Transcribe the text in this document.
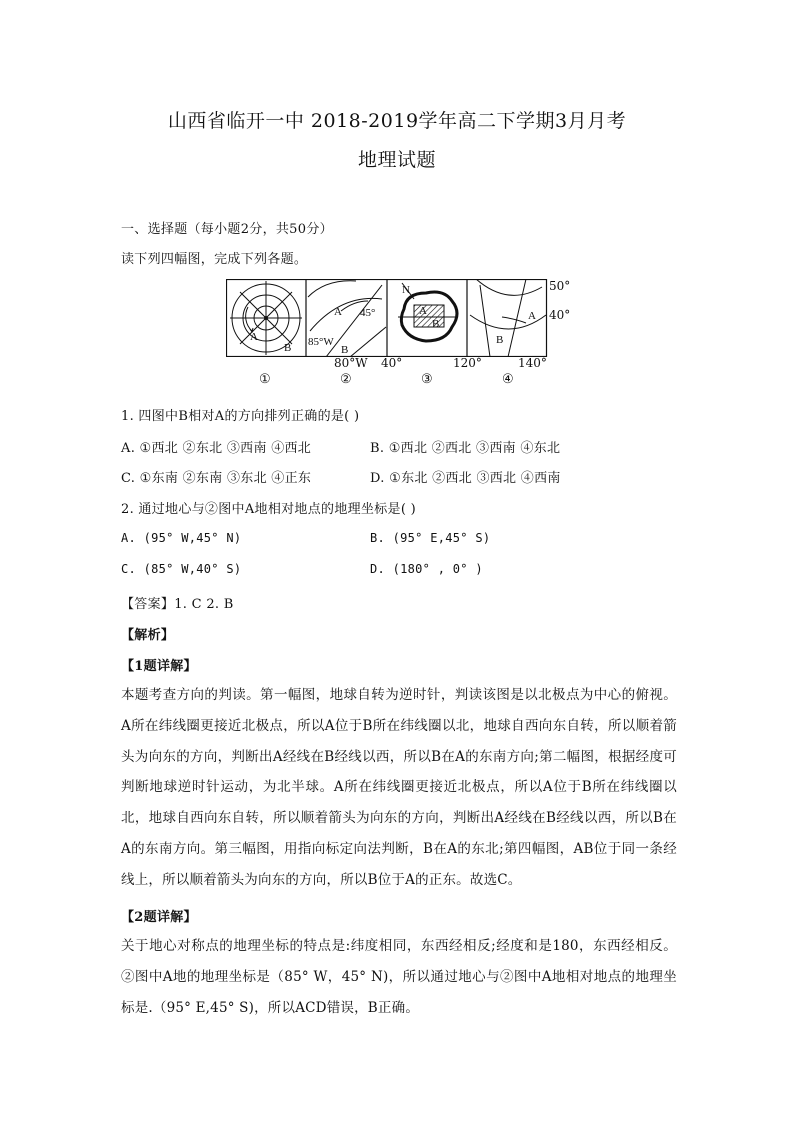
山西省临开一中 2018-2019学年高二下学期3月月考
地理试题
一、选择题（每小题2分，共50分）
读下列四幅图，完成下列各题。
A
B
A 45°
85°W
B
N
A
B
A
B
50°
40°
80°W 40°	120°	140°
①	②	③	④
1. 四图中B相对A的方向排列正确的是( )
A. ①西北 ②东北 ③西南 ④西北	B. ①西北 ②西北 ③西南 ④东北
C. ①东南 ②东南 ③东北 ④正东	D. ①东北 ②西北 ③西北 ④西南
2. 通过地心与②图中A地相对地点的地理坐标是( )
A. (95° W,45° N)	B. (95° E,45° S)
C. (85° W,40° S)	D. (180° , 0° )
【答案】1. C 2. B
【解析】
【1题详解】
本题考查方向的判读。第一幅图，地球自转为逆时针，判读该图是以北极点为中心的俯视。A所在纬线圈更接近北极点，所以A位于B所在纬线圈以北，地球自西向东自转，所以顺着箭头为向东的方向，判断出A经线在B经线以西，所以B在A的东南方向;第二幅图，根据经度可判断地球逆时针运动，为北半球。A所在纬线圈更接近北极点，所以A位于B所在纬线圈以北，地球自西向东自转，所以顺着箭头为向东的方向，判断出A经线在B经线以西，所以B在A的东南方向。第三幅图，用指向标定向法判断，B在A的东北;第四幅图，AB位于同一条经线上，所以顺着箭头为向东的方向，所以B位于A的正东。故选C。
【2题详解】
关于地心对称点的地理坐标的特点是:纬度相同，东西经相反;经度和是180，东西经相反。②图中A地的地理坐标是（85° W，45° N)，所以通过地心与②图中A地相对地点的地理坐标是.（95° E,45° S)，所以ACD错误，B正确。
